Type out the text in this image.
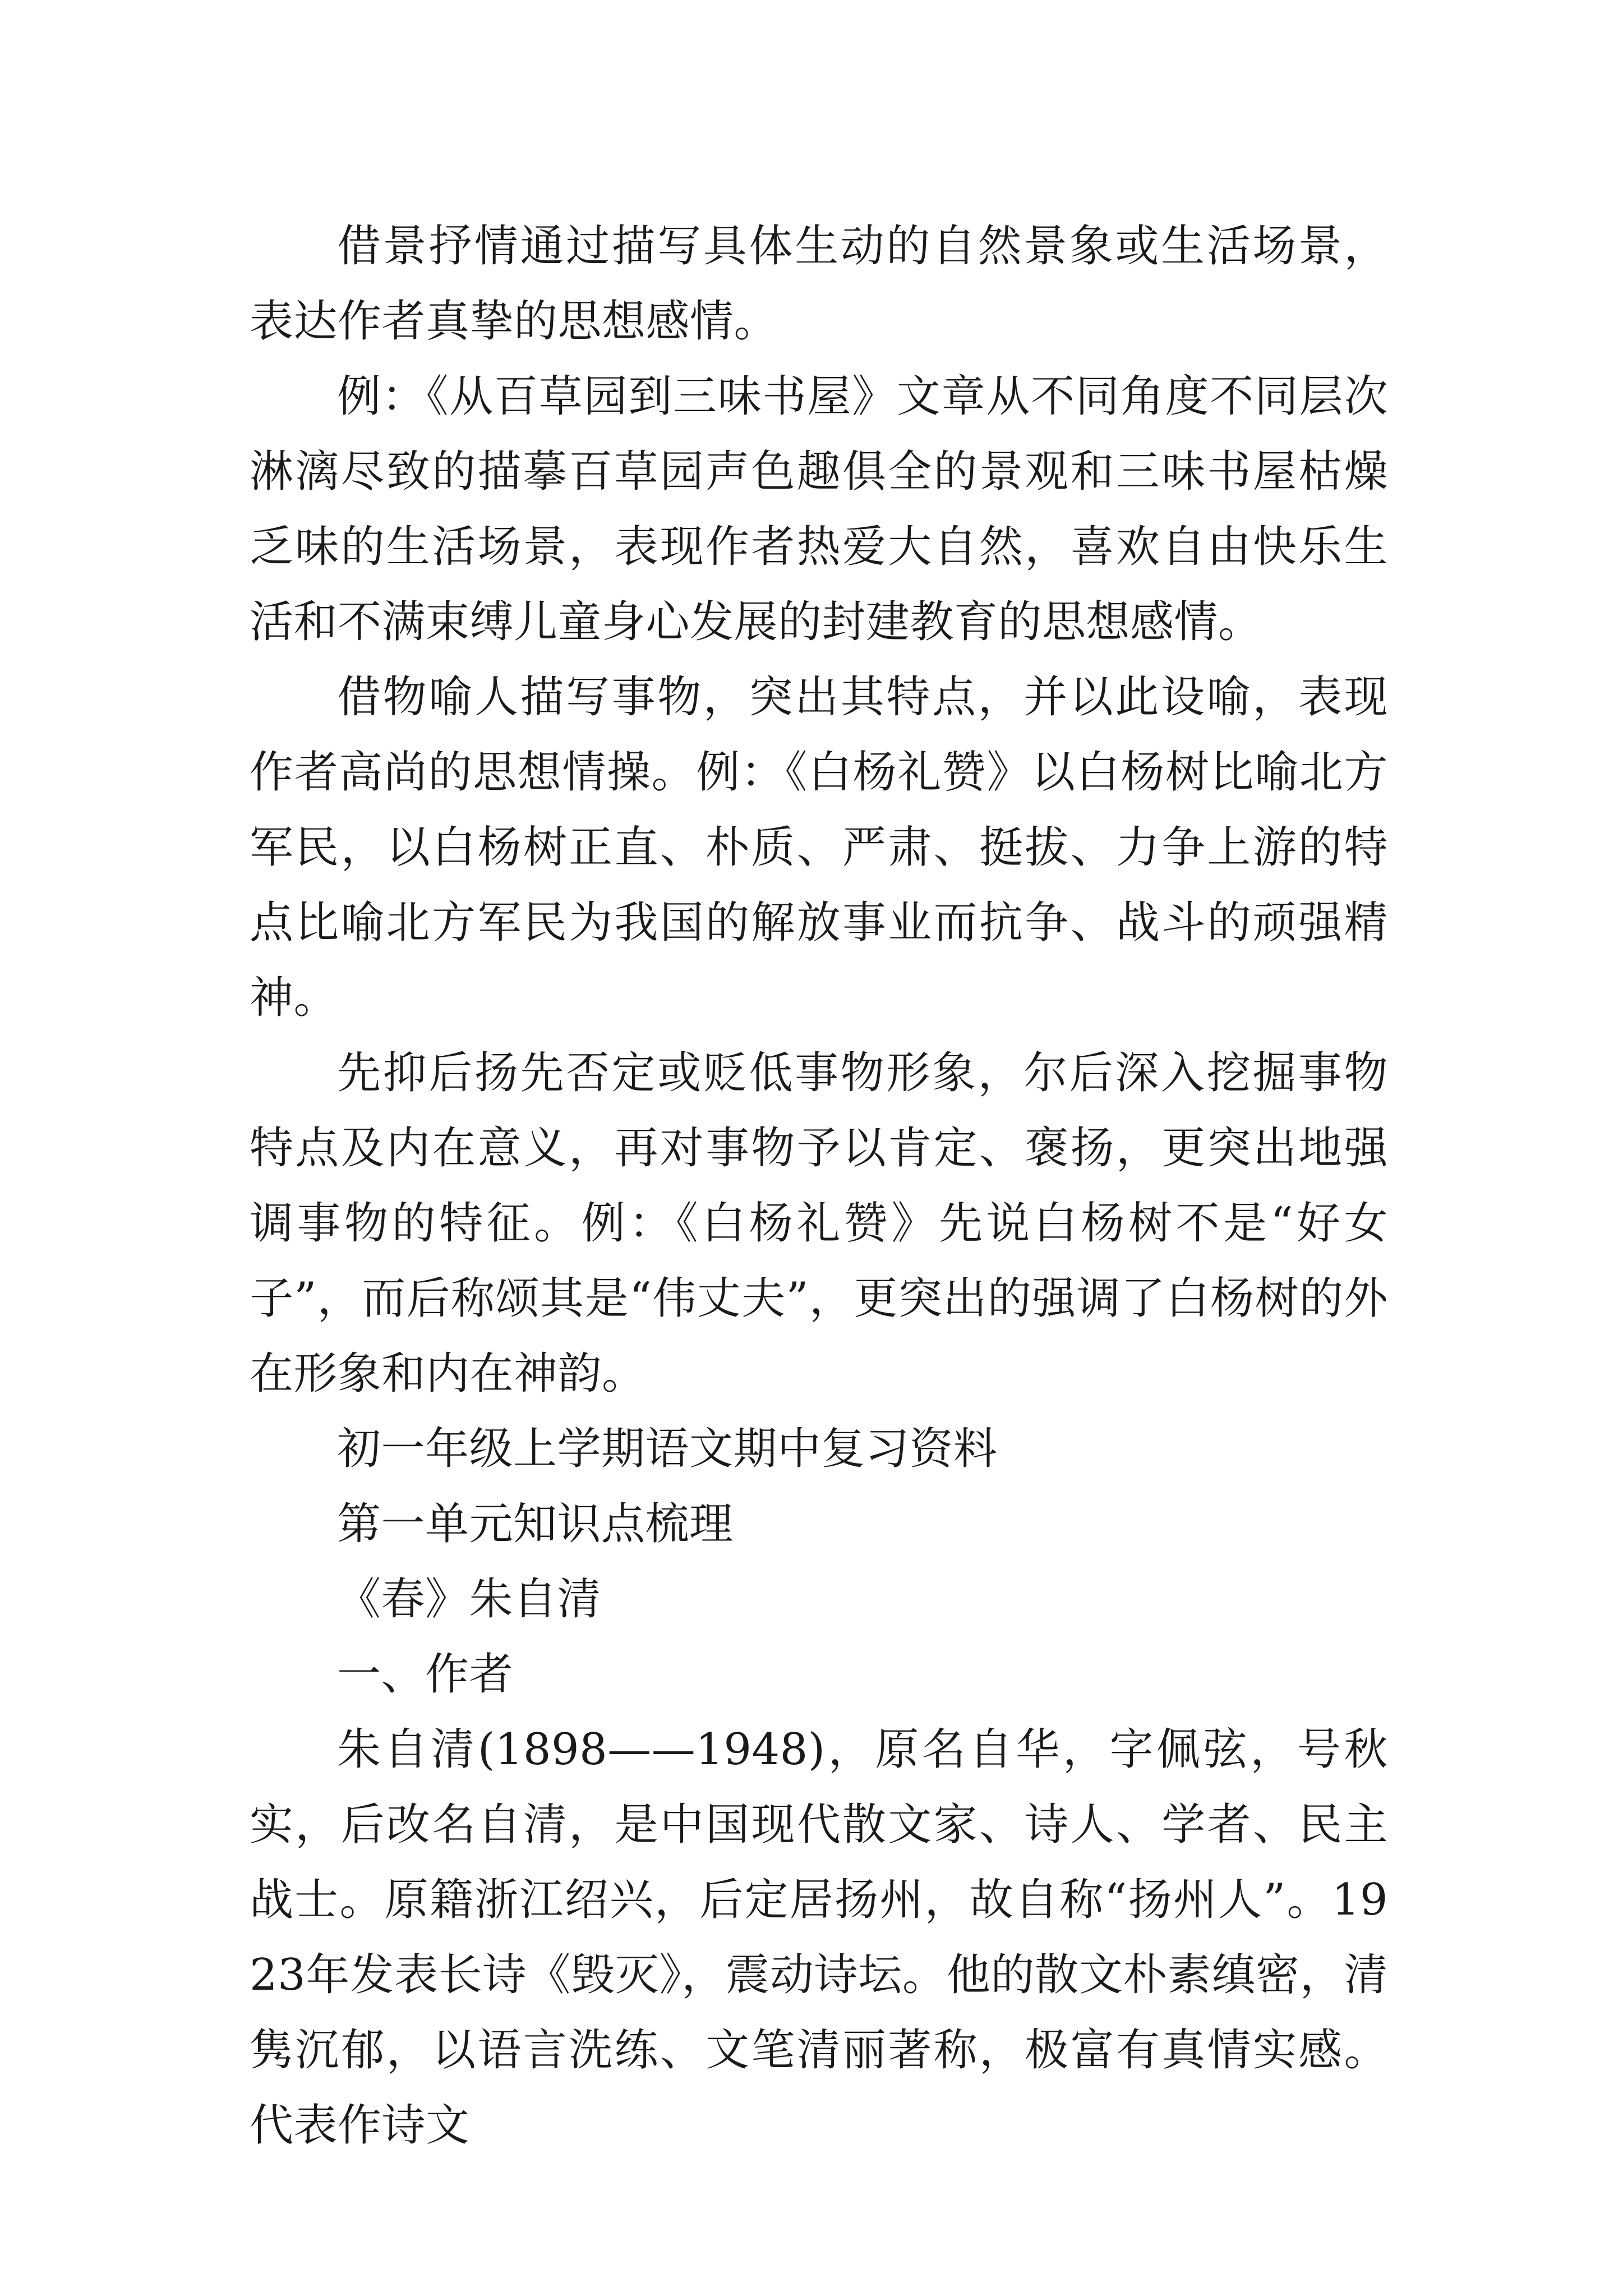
借景抒情通过描写具体生动的自然景象或生活场景，表达作者真挚的思想感情。

例：《从百草园到三味书屋》文章从不同角度不同层次淋漓尽致的描摹百草园声色趣俱全的景观和三味书屋枯燥乏味的生活场景，表现作者热爱大自然，喜欢自由快乐生活和不满束缚儿童身心发展的封建教育的思想感情。

借物喻人描写事物，突出其特点，并以此设喻，表现作者高尚的思想情操。例：《白杨礼赞》以白杨树比喻北方军民，以白杨树正直、朴质、严肃、挺拔、力争上游的特点比喻北方军民为我国的解放事业而抗争、战斗的顽强精神。

先抑后扬先否定或贬低事物形象，尔后深入挖掘事物特点及内在意义，再对事物予以肯定、褒扬，更突出地强调事物的特征。例：《白杨礼赞》先说白杨树不是“好女子”，而后称颂其是“伟丈夫”，更突出的强调了白杨树的外在形象和内在神韵。

初一年级上学期语文期中复习资料

第一单元知识点梳理

《春》朱自清

一、作者

朱自清(1898——1948)，原名自华，字佩弦，号秋实，后改名自清，是中国现代散文家、诗人、学者、民主战士。原籍浙江绍兴，后定居扬州，故自称“扬州人”。1923年发表长诗《毁灭》，震动诗坛。他的散文朴素缜密，清隽沉郁，以语言洗练、文笔清丽著称，极富有真情实感。代表作诗文
